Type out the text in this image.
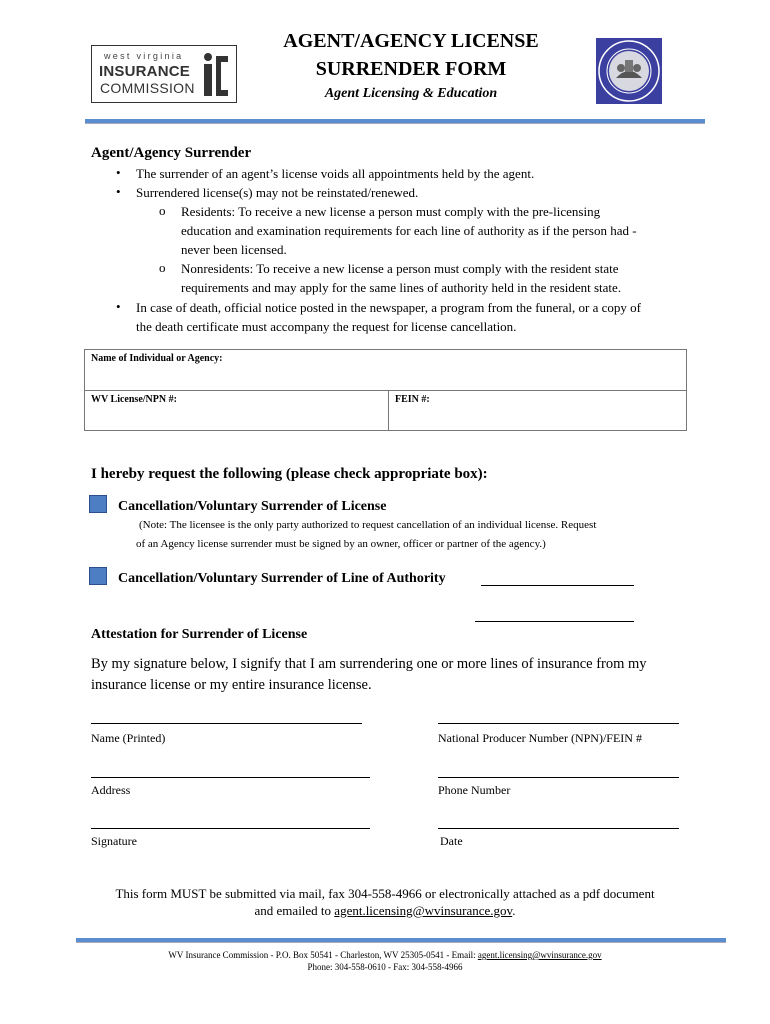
west virginia
INSURANCE
COMMISSION
AGENT/AGENCY LICENSE
SURRENDER FORM
Agent Licensing & Education
Agent/Agency Surrender
• The surrender of an agent’s license voids all appointments held by the agent.
• Surrendered license(s) may not be reinstated/renewed.
o Residents: To receive a new license a person must comply with the pre-licensing
education and examination requirements for each line of authority as if the person had -
never been licensed.
o Nonresidents: To receive a new license a person must comply with the resident state
requirements and may apply for the same lines of authority held in the resident state.
• In case of death, official notice posted in the newspaper, a program from the funeral, or a copy of
the death certificate must accompany the request for license cancellation.
Name of Individual or Agency:
WV License/NPN #:	FEIN #:
I hereby request the following (please check appropriate box):
Cancellation/Voluntary Surrender of License
(Note: The licensee is the only party authorized to request cancellation of an individual license. Request
of an Agency license surrender must be signed by an owner, officer or partner of the agency.)
Cancellation/Voluntary Surrender of Line of Authority
Attestation for Surrender of License
By my signature below, I signify that I am surrendering one or more lines of insurance from my
insurance license or my entire insurance license.
Name (Printed)	National Producer Number (NPN)/FEIN #
Address	Phone Number
Signature	Date
This form MUST be submitted via mail, fax 304-558-4966 or electronically attached as a pdf document
and emailed to agent.licensing@wvinsurance.gov.
WV Insurance Commission - P.O. Box 50541 - Charleston, WV 25305-0541 - Email: agent.licensing@wvinsurance.gov
Phone: 304-558-0610 - Fax: 304-558-4966
